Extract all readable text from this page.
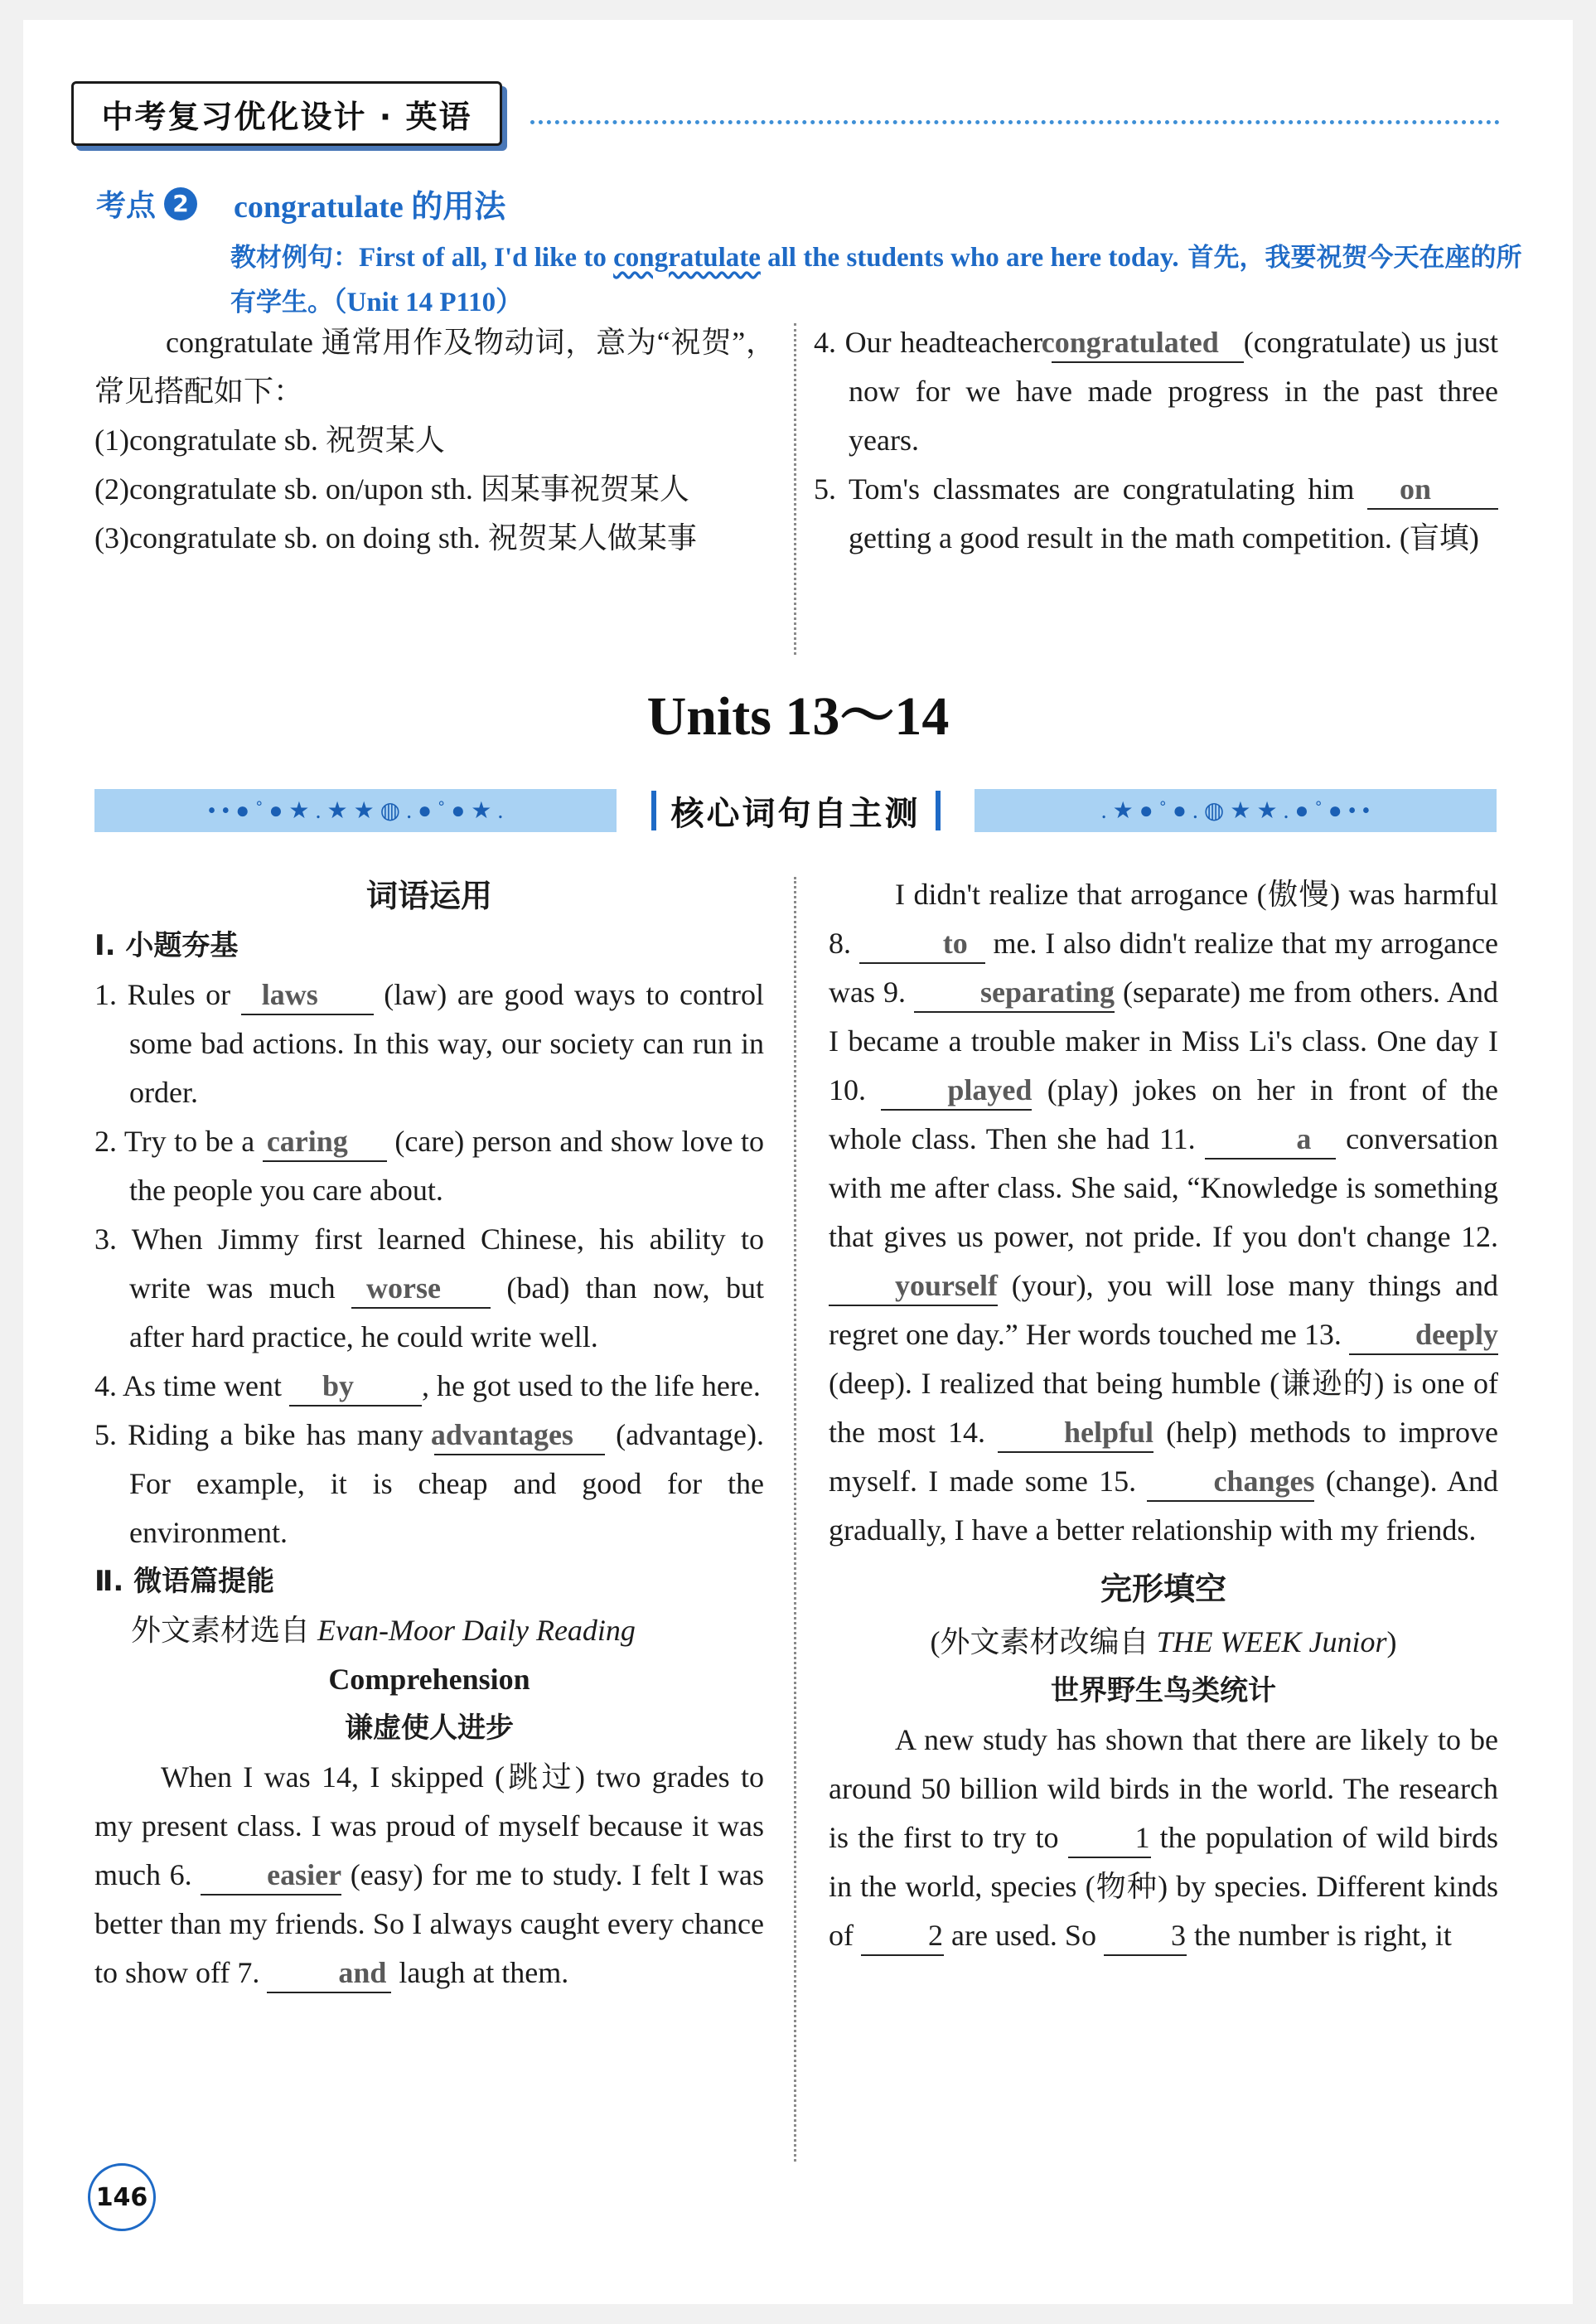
中考复习优化设计 · 英语
考点 2 congratulate 的用法
教材例句：First of all, I'd like to congratulate all the students who are here today. 首先，我要祝贺今天在座的所有学生。（Unit 14 P110）

congratulate 通常用作及物动词，意为“祝贺”，常见搭配如下：

(1)congratulate sb. 祝贺某人

(2)congratulate sb. on/upon sth. 因某事祝贺某人

(3)congratulate sb. on doing sth. 祝贺某人做某事

4. Our headteacher congratulated (congratulate) us just now for we have made progress in the past three years.

5. Tom's classmates are congratulating him on getting a good result in the math competition. (盲填)

Units 13～14
• • ● ˚ ● ★ . ★ ★ ◍ . ● ˚ ● ★ .	. ★ ● ˚ ● . ◍ ★ ★ . ● ˚ ● • •
核心词句自主测

词语运用

Ⅰ. 小题夯基

1. Rules or laws (law) are good ways to control some bad actions. In this way, our society can run in order.

2. Try to be a caring (care) person and show love to the people you care about.

3. When Jimmy first learned Chinese, his ability to write was much worse (bad) than now, but after hard practice, he could write well.

4. As time went by , he got used to the life here.

5. Riding a bike has many advantages (advantage). For example, it is cheap and good for the environment.

Ⅱ. 微语篇提能

外文素材选自 Evan-Moor Daily Reading

Comprehension

谦虚使人进步

When I was 14, I skipped (跳过) two grades to my present class. I was proud of myself because it was much 6. easier (easy) for me to study. I felt I was better than my friends. So I always caught every chance to show off 7. and laugh at them.

I didn't realize that arrogance (傲慢) was harmful 8.	to me. I also didn't realize that my arrogance was 9. separating (separate) me from others. And I became a trouble maker in Miss Li's class. One day I 10. played (play) jokes on her in front of the whole class. Then she had 11.	a conversation with me after class. She said, “Knowledge is something that gives us power, not pride. If you don't change 12. yourself (your), you will lose many things and regret one day.” Her words touched me 13. deeply (deep). I realized that being humble (谦逊的) is one of the most 14. helpful (help) methods to improve myself. I made some 15. changes (change). And gradually, I have a better relationship with my friends.

完形填空

(外文素材改编自 THE WEEK Junior)

世界野生鸟类统计

A new study has shown that there are likely to be around 50 billion wild birds in the world. The research is the first to try to 1 the population of wild birds in the world, species (物种) by species. Different kinds of 2 are used. So 3 the number is right, it

146
